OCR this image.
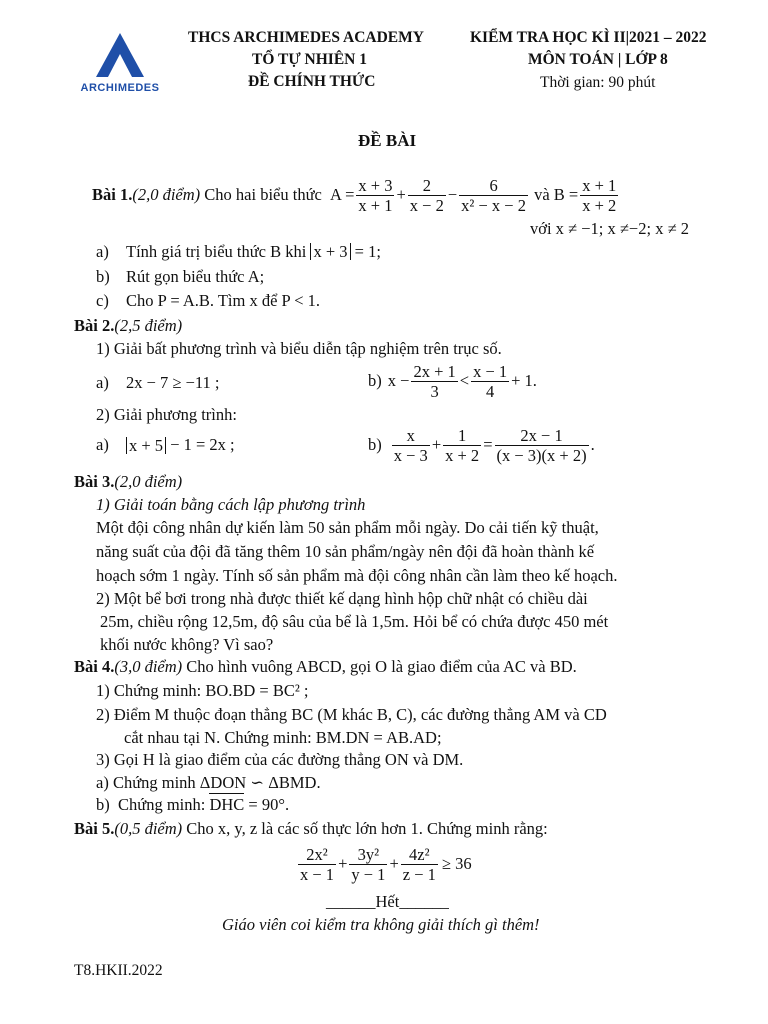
ARCHIMEDES
THCS ARCHIMEDES ACADEMY
TỔ TỰ NHIÊN 1
ĐỀ CHÍNH THỨC
KIỂM TRA HỌC KÌ II|2021 – 2022
MÔN TOÁN | LỚP 8
Thời gian: 90 phút
ĐỀ BÀI
Bài 1. (2,0 điểm) Cho hai biểu thức $A = \frac{x + 3}{x + 1} + \frac{2}{x - 2} - \frac{6}{\text{x² − x − 2}}$ và $B = \frac{x + 1}{x + 2}$
với x ≠ −1; x ≠−2; x ≠ 2
a) Tính giá trị biểu thức B khi x + 3 = 1;
b) Rút gọn biểu thức A;
c) Cho P = A.B. Tìm x để P < 1.
Bài 2.(2,5 điểm)
1) Giải bất phương trình và biểu diễn tập nghiệm trên trục số.
a)	2x − 7 ≥ −11 ;	b) $x - \frac{2x + 1}{3} < \frac{x - 1}{4} + 1$.
2) Giải phương trình:
a)	x + 5 − 1 = 2x ;	$b) \frac{x}{x - 3} + \frac{1}{x + 2} = \frac{2x - 1}{(x - 3)(x + 2)}$ .
Bài 3.(2,0 điểm)
1) Giải toán bằng cách lập phương trình
Một đội công nhân dự kiến làm 50 sản phẩm mỗi ngày. Do cải tiến kỹ thuật,
năng suất của đội đã tăng thêm 10 sản phẩm/ngày nên đội đã hoàn thành kế
hoạch sớm 1 ngày. Tính số sản phẩm mà đội công nhân cần làm theo kế hoạch.
2) Một bể bơi trong nhà được thiết kế dạng hình hộp chữ nhật có chiều dài
25m, chiều rộng 12,5m, độ sâu của bể là 1,5m. Hỏi bể có chứa được 450 mét
khối nước không? Vì sao?
Bài 4.(3,0 điểm) Cho hình vuông ABCD, gọi O là giao điểm của AC và BD.
1) Chứng minh: BO.BD = BC² ;
2) Điểm M thuộc đoạn thẳng BC (M khác B, C), các đường thẳng AM và CD
cắt nhau tại N. Chứng minh: BM.DN = AB.AD;
3) Gọi H là giao điểm của các đường thẳng ON và DM.
a) Chứng minh ΔDON ∽ ΔBMD.
b)  Chứng minh: DHC = 90°.
Bài 5.(0,5 điểm) Cho x, y, z là các số thực lớn hơn 1. Chứng minh rằng:
$\frac{\text{2x²}}{x - 1} + \frac{\text{3y²}}{y - 1} + \frac{\text{4z²}}{z - 1} \ge 36$
______Hết______
Giáo viên coi kiểm tra không giải thích gì thêm!
T8.HKII.2022
